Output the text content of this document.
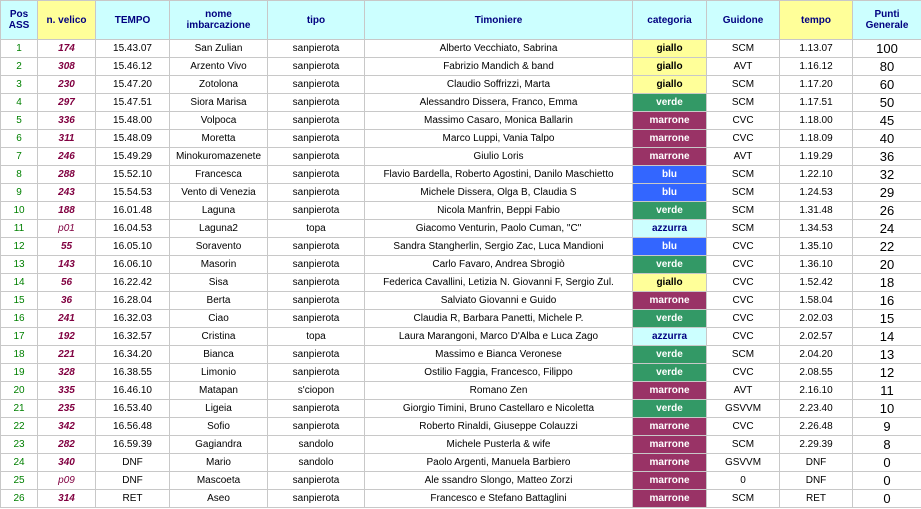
Pos ASS	n. velico	TEMPO	nome imbarcazione	tipo	Timoniere	categoria	Guidone	tempo	Punti Generale
1	174	15.43.07	San Zulian	sanpierota	Alberto Vecchiato, Sabrina	giallo	SCM	1.13.07	100
2	308	15.46.12	Arzento Vivo	sanpierota	Fabrizio Mandich & band	giallo	AVT	1.16.12	80
3	230	15.47.20	Zotolona	sanpierota	Claudio Soffrizzi, Marta	giallo	SCM	1.17.20	60
4	297	15.47.51	Siora Marisa	sanpierota	Alessandro Dissera, Franco, Emma	verde	SCM	1.17.51	50
5	336	15.48.00	Volpoca	sanpierota	Massimo Casaro, Monica Ballarin	marrone	CVC	1.18.00	45
6	311	15.48.09	Moretta	sanpierota	Marco Luppi, Vania Talpo	marrone	CVC	1.18.09	40
7	246	15.49.29	Minokuromazenete	sanpierota	Giulio Loris	marrone	AVT	1.19.29	36
8	288	15.52.10	Francesca	sanpierota	Flavio Bardella, Roberto Agostini, Danilo Maschietto	blu	SCM	1.22.10	32
9	243	15.54.53	Vento di Venezia	sanpierota	Michele Dissera, Olga B, Claudia S	blu	SCM	1.24.53	29
10	188	16.01.48	Laguna	sanpierota	Nicola Manfrin, Beppi Fabio	verde	SCM	1.31.48	26
11	p01	16.04.53	Laguna2	topa	Giacomo Venturin, Paolo Cuman, "C"	azzurra	SCM	1.34.53	24
12	55	16.05.10	Soravento	sanpierota	Sandra Stangherlin, Sergio Zac, Luca Mandioni	blu	CVC	1.35.10	22
13	143	16.06.10	Masorin	sanpierota	Carlo Favaro, Andrea Sbrogiò	verde	CVC	1.36.10	20
14	56	16.22.42	Sisa	sanpierota	Federica Cavallini, Letizia N. Giovanni F, Sergio Zul.	giallo	CVC	1.52.42	18
15	36	16.28.04	Berta	sanpierota	Salviato Giovanni e Guido	marrone	CVC	1.58.04	16
16	241	16.32.03	Ciao	sanpierota	Claudia R, Barbara Panetti, Michele P.	verde	CVC	2.02.03	15
17	192	16.32.57	Cristina	topa	Laura Marangoni, Marco D'Alba e Luca Zago	azzurra	CVC	2.02.57	14
18	221	16.34.20	Bianca	sanpierota	Massimo e Bianca Veronese	verde	SCM	2.04.20	13
19	328	16.38.55	Limonio	sanpierota	Ostilio Faggia, Francesco, Filippo	verde	CVC	2.08.55	12
20	335	16.46.10	Matapan	s'ciopon	Romano Zen	marrone	AVT	2.16.10	11
21	235	16.53.40	Ligeia	sanpierota	Giorgio Timini, Bruno Castellaro e Nicoletta	verde	GSVVM	2.23.40	10
22	342	16.56.48	Sofio	sanpierota	Roberto Rinaldi, Giuseppe Colauzzi	marrone	CVC	2.26.48	9
23	282	16.59.39	Gagiandra	sandolo	Michele Pusterla & wife	marrone	SCM	2.29.39	8
24	340	DNF	Mario	sandolo	Paolo Argenti, Manuela Barbiero	marrone	GSVVM	DNF	0
25	p09	DNF	Mascoeta	sanpierota	Ale ssandro Slongo, Matteo Zorzi	marrone	0	DNF	0
26	314	RET	Aseo	sanpierota	Francesco e Stefano Battaglini	marrone	SCM	RET	0
